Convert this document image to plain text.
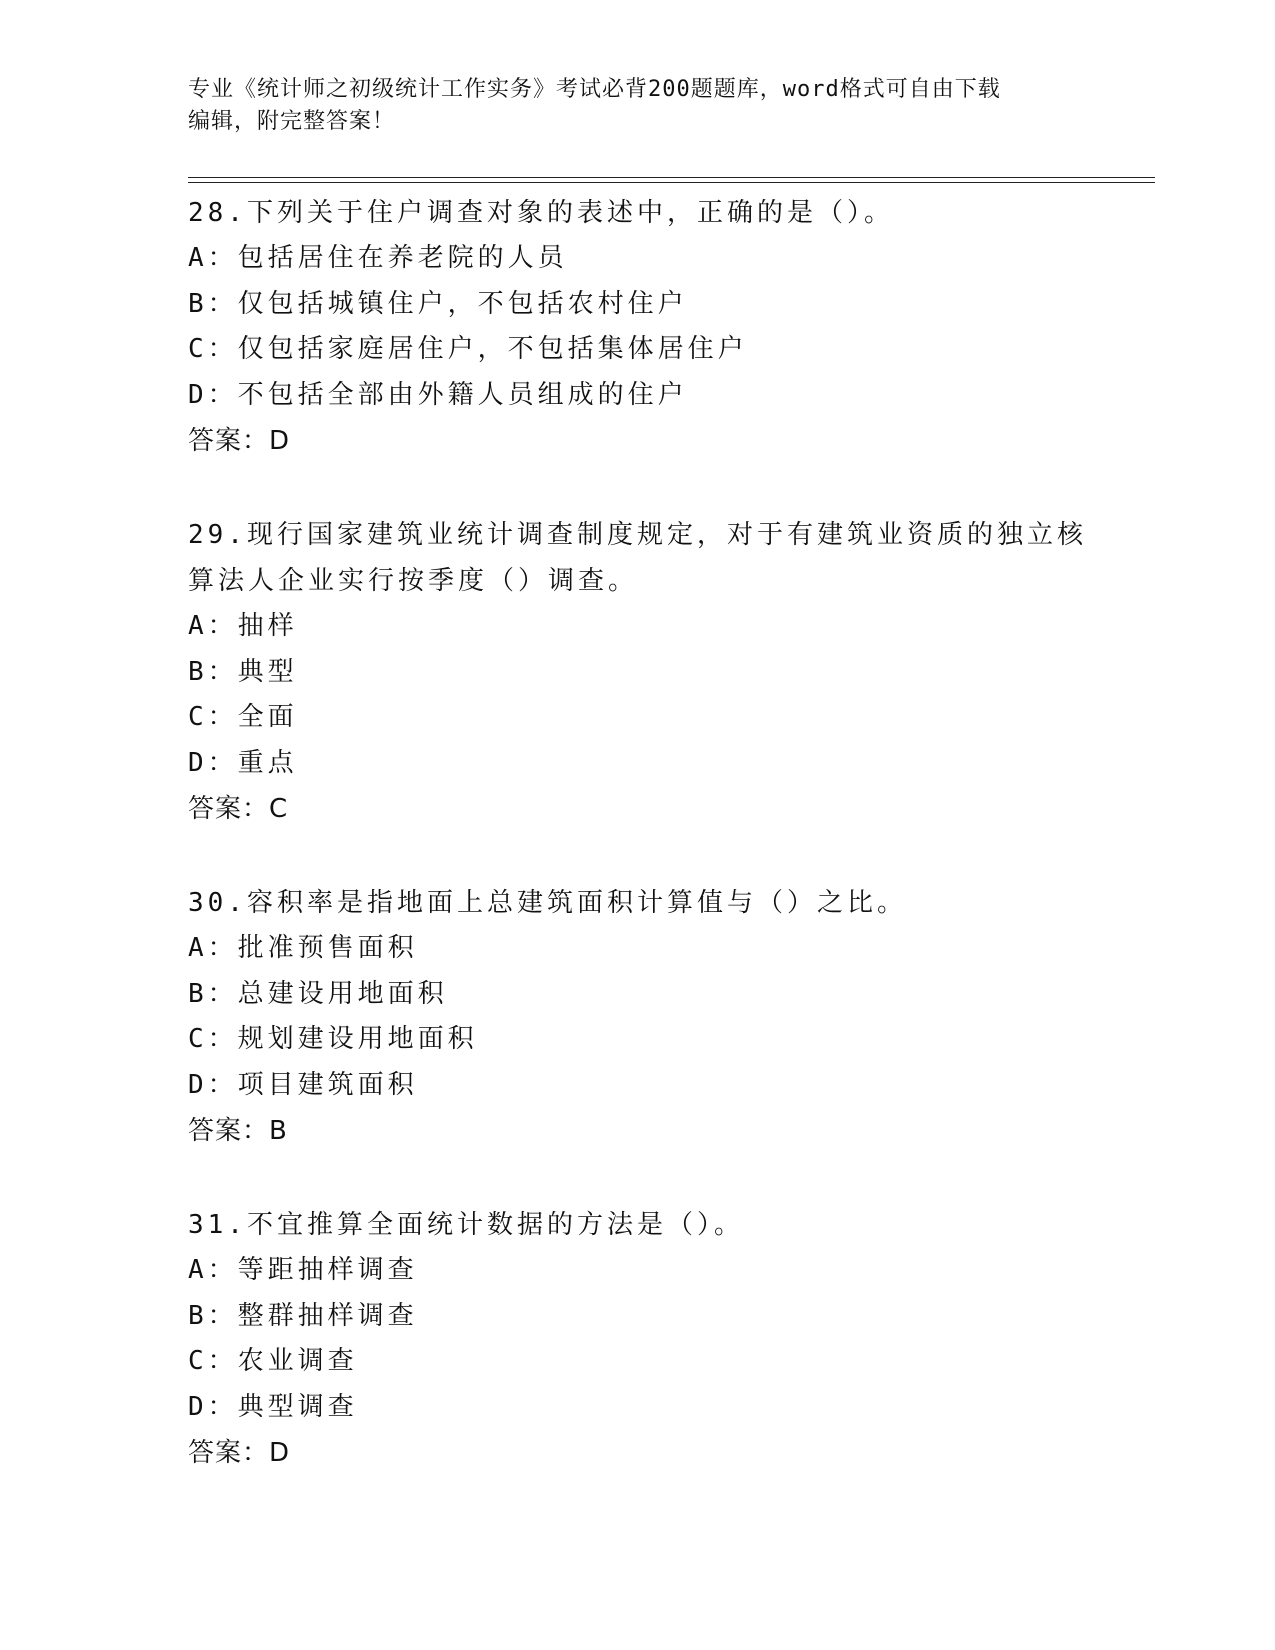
专业《统计师之初级统计工作实务》考试必背200题题库，word格式可自由下载
编辑，附完整答案！
28.下列关于住户调查对象的表述中，正确的是（）。
A：包括居住在养老院的人员
B：仅包括城镇住户，不包括农村住户
C：仅包括家庭居住户，不包括集体居住户
D：不包括全部由外籍人员组成的住户
答案：D
29.现行国家建筑业统计调查制度规定，对于有建筑业资质的独立核算法人企业实行按季度（）调查。
A：抽样
B：典型
C：全面
D：重点
答案：C
30.容积率是指地面上总建筑面积计算值与（）之比。
A：批准预售面积
B：总建设用地面积
C：规划建设用地面积
D：项目建筑面积
答案：B
31.不宜推算全面统计数据的方法是（）。
A：等距抽样调查
B：整群抽样调查
C：农业调查
D：典型调查
答案：D
